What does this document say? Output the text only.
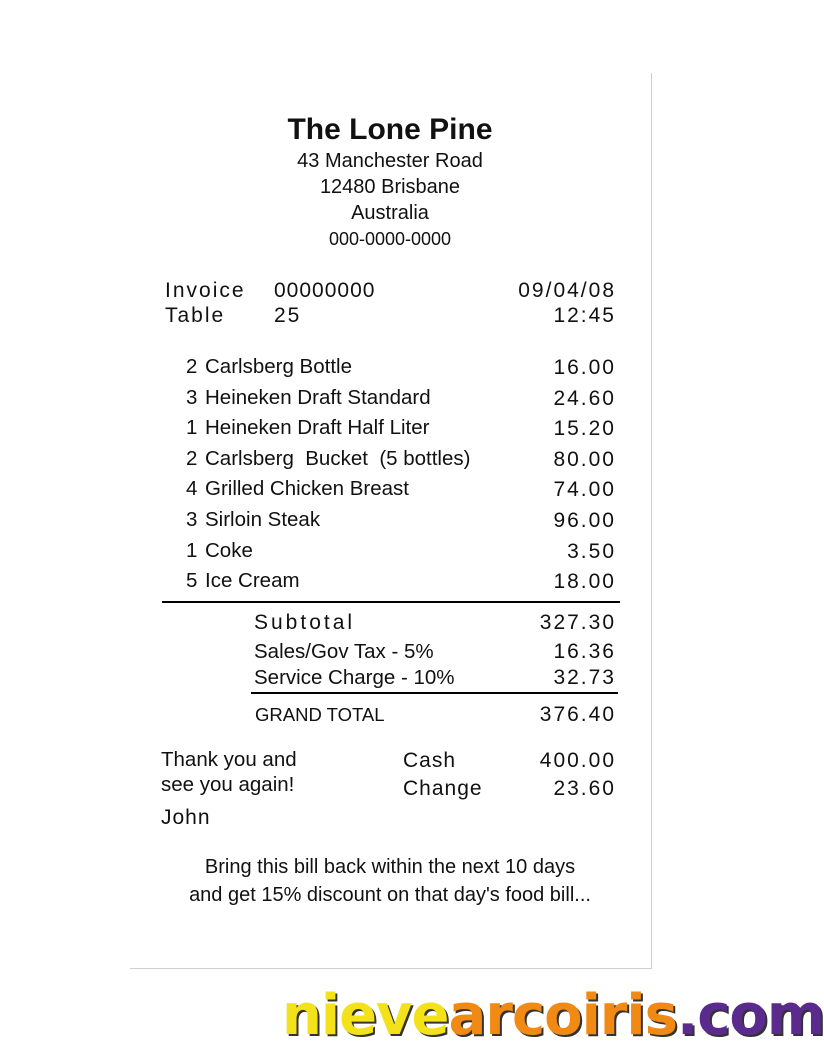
The Lone Pine
43 Manchester Road
12480 Brisbane
Australia
000-0000-0000
Invoice 00000000	09/04/08
Table 25	12:45
2 Carlsberg Bottle	16.00
3 Heineken Draft Standard	24.60
1 Heineken Draft Half Liter	15.20
2 Carlsberg  Bucket  (5 bottles)	80.00
4 Grilled Chicken Breast	74.00
3 Sirloin Steak	96.00
1 Coke	3.50
5 Ice Cream	18.00
Subtotal	327.30
Sales/Gov Tax - 5%	16.36
Service Charge - 10%	32.73
GRAND TOTAL	376.40
Thank you and
see you again!
John
Cash	400.00
Change	23.60
Bring this bill back within the next 10 days
and get 15% discount on that day's food bill...
nievearcoiris.com
